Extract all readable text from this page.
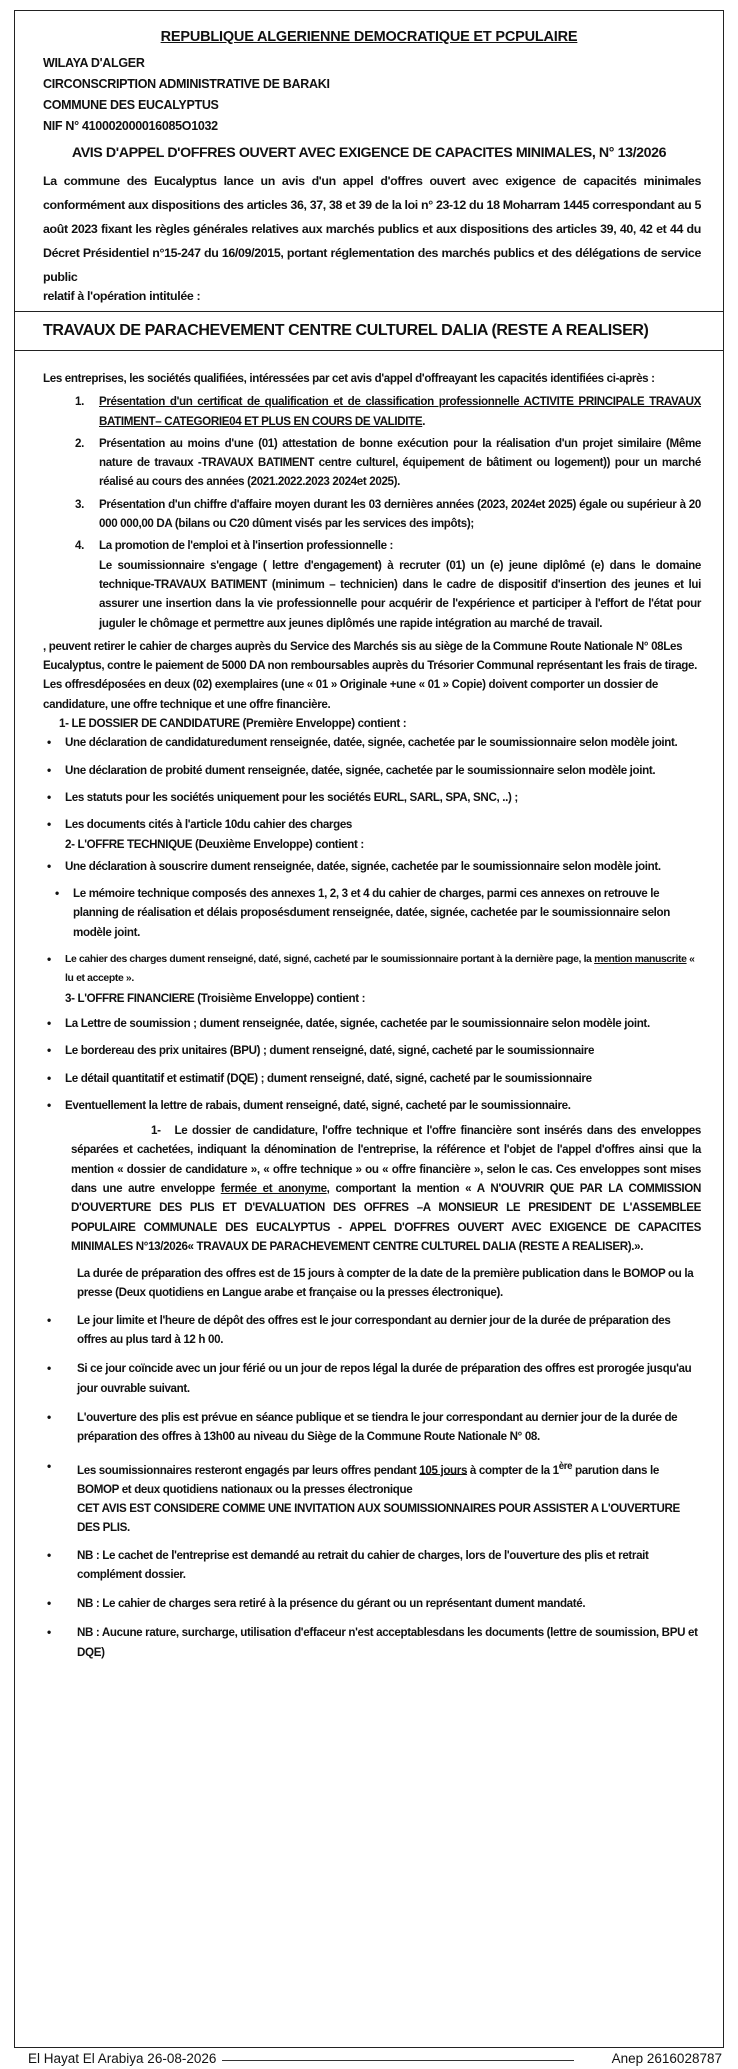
REPUBLIQUE ALGERIENNE DEMOCRATIQUE ET PCPULAIRE
WILAYA D'ALGER
CIRCONSCRIPTION ADMINISTRATIVE DE BARAKI
COMMUNE DES EUCALYPTUS
NIF N° 410002000016085O1032
AVIS D'APPEL D'OFFRES OUVERT AVEC EXIGENCE DE CAPACITES MINIMALES, N° 13/2026
La commune des Eucalyptus lance un avis d'un appel d'offres ouvert avec exigence de capacités minimales conformément aux dispositions des articles 36, 37, 38 et 39 de la loi n° 23-12 du 18 Moharram 1445 correspondant au 5 août 2023 fixant les règles générales relatives aux marchés publics et aux dispositions des articles 39, 40, 42 et 44 du Décret Présidentiel n°15-247 du 16/09/2015, portant réglementation des marchés publics et des délégations de service public
relatif à l'opération intitulée :
TRAVAUX DE PARACHEVEMENT CENTRE CULTUREL DALIA (RESTE A REALISER)
Les entreprises, les sociétés qualifiées, intéressées par cet avis d'appel d'offreayant les capacités identifiées ci-après :
1.	Présentation d'un certificat de qualification et de classification professionnelle ACTIVITE PRINCIPALE TRAVAUX BATIMENT– CATEGORIE04 ET PLUS EN COURS DE VALIDITE.
2.	Présentation au moins d'une (01) attestation de bonne exécution pour la réalisation d'un projet similaire (Même nature de travaux -TRAVAUX BATIMENT centre culturel, équipement de bâtiment ou logement)) pour un marché réalisé au cours des années (2021.2022.2023 2024et 2025).
3.	Présentation d'un chiffre d'affaire moyen durant les 03 dernières années (2023, 2024et 2025) égale ou supérieur à 20 000 000,00 DA (bilans ou C20 dûment visés par les services des impôts);
4.	La promotion de l'emploi et à l'insertion professionnelle :
Le soumissionnaire s'engage ( lettre d'engagement) à recruter (01) un (e) jeune diplômé (e) dans le domaine technique-TRAVAUX BATIMENT (minimum – technicien) dans le cadre de dispositif d'insertion des jeunes et lui assurer une insertion dans la vie professionnelle pour acquérir de l'expérience et participer à l'effort de l'état pour juguler le chômage et permettre aux jeunes diplômés une rapide intégration au marché de travail.
, peuvent retirer le cahier de charges auprès du Service des Marchés sis au siège de la Commune Route Nationale N° 08Les Eucalyptus, contre le paiement de 5000 DA non remboursables auprès du Trésorier Communal représentant les frais de tirage.
Les offresdéposées en deux (02) exemplaires (une « 01 » Originale +une « 01 » Copie) doivent comporter un dossier de candidature, une offre technique et une offre financière.
1- LE DOSSIER DE CANDIDATURE (Première Enveloppe) contient :
•	Une déclaration de candidaturedument renseignée, datée, signée, cachetée par le soumissionnaire selon modèle joint.
•	Une déclaration de probité dument renseignée, datée, signée, cachetée par le soumissionnaire selon modèle joint.
•	Les statuts pour les sociétés uniquement pour les sociétés EURL, SARL, SPA, SNC, ..) ;
•	Les documents cités à l'article 10du cahier des charges
2- L'OFFRE TECHNIQUE (Deuxième Enveloppe) contient :
•	Une déclaration à souscrire dument renseignée, datée, signée, cachetée par le soumissionnaire selon modèle joint.
•	Le mémoire technique composés des annexes 1, 2, 3 et 4 du cahier de charges, parmi ces annexes on retrouve le planning de réalisation et délais proposésdument renseignée, datée, signée, cachetée par le soumissionnaire selon modèle joint.
•	Le cahier des charges dument renseigné, daté, signé, cacheté par le soumissionnaire portant à la dernière page, la mention manuscrite « lu et accepte ».
3- L'OFFRE FINANCIERE (Troisième Enveloppe) contient :
•	La Lettre de soumission ; dument renseignée, datée, signée, cachetée par le soumissionnaire selon modèle joint.
•	Le bordereau des prix unitaires (BPU) ; dument renseigné, daté, signé, cacheté par le soumissionnaire
•	Le détail quantitatif et estimatif (DQE) ; dument renseigné, daté, signé, cacheté par le soumissionnaire
•	Eventuellement la lettre de rabais, dument renseigné, daté, signé, cacheté par le soumissionnaire.
1- Le dossier de candidature, l'offre technique et l'offre financière sont insérés dans des enveloppes séparées et cachetées, indiquant la dénomination de l'entreprise, la référence et l'objet de l'appel d'offres ainsi que la mention « dossier de candidature », « offre technique » ou « offre financière », selon le cas. Ces enveloppes sont mises dans une autre enveloppe fermée et anonyme, comportant la mention « A N'OUVRIR QUE PAR LA COMMISSION D'OUVERTURE DES PLIS ET D'EVALUATION DES OFFRES –A MONSIEUR LE PRESIDENT DE L'ASSEMBLEE POPULAIRE COMMUNALE DES EUCALYPTUS - APPEL D'OFFRES OUVERT AVEC EXIGENCE DE CAPACITES MINIMALES N°13/2026« TRAVAUX DE PARACHEVEMENT CENTRE CULTUREL DALIA (RESTE A REALISER).».
La durée de préparation des offres est de 15 jours à compter de la date de la première publication dans le BOMOP ou la presse (Deux quotidiens en Langue arabe et française ou la presses électronique).
•	Le jour limite et l'heure de dépôt des offres est le jour correspondant au dernier jour de la durée de préparation des offres au plus tard à 12 h 00.
•	Si ce jour coïncide avec un jour férié ou un jour de repos légal la durée de préparation des offres est prorogée jusqu'au jour ouvrable suivant.
•	L'ouverture des plis est prévue en séance publique et se tiendra le jour correspondant au dernier jour de la durée de préparation des offres à 13h00 au niveau du Siège de la Commune Route Nationale N° 08.
•	Les soumissionnaires resteront engagés par leurs offres pendant 105 jours à compter de la 1ère parution dans le BOMOP et deux quotidiens nationaux ou la presses électronique
CET AVIS EST CONSIDERE COMME UNE INVITATION AUX SOUMISSIONNAIRES POUR ASSISTER A L'OUVERTURE DES PLIS.
•	NB : Le cachet de l'entreprise est demandé au retrait du cahier de charges, lors de l'ouverture des plis et retrait complément dossier.
•	NB : Le cahier de charges sera retiré à la présence du gérant ou un représentant dument mandaté.
•	NB : Aucune rature, surcharge, utilisation d'effaceur n'est acceptablesdans les documents (lettre de soumission, BPU et DQE)
El Hayat El Arabiya 26-08-2026	Anep 2616028787
